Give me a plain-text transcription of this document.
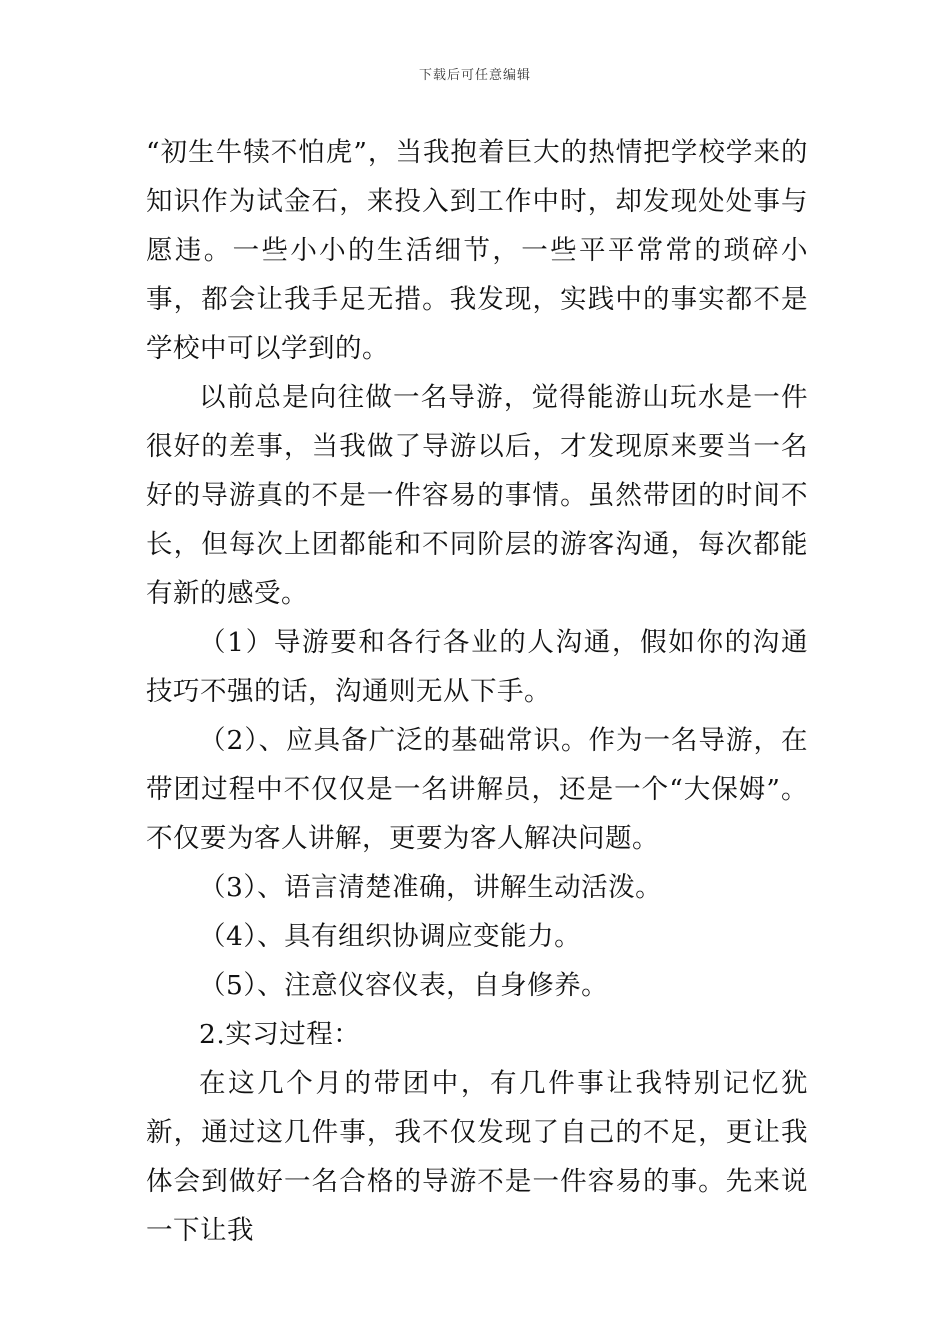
下载后可任意编辑

“初生牛犊不怕虎”，当我抱着巨大的热情把学校学来的知识作为试金石，来投入到工作中时，却发现处处事与愿违。一些小小的生活细节，一些平平常常的琐碎小事，都会让我手足无措。我发现，实践中的事实都不是学校中可以学到的。

以前总是向往做一名导游，觉得能游山玩水是一件很好的差事，当我做了导游以后，才发现原来要当一名好的导游真的不是一件容易的事情。虽然带团的时间不长，但每次上团都能和不同阶层的游客沟通，每次都能有新的感受。

（1）导游要和各行各业的人沟通，假如你的沟通技巧不强的话，沟通则无从下手。

（2）、应具备广泛的基础常识。作为一名导游，在带团过程中不仅仅是一名讲解员，还是一个“大保姆”。不仅要为客人讲解，更要为客人解决问题。

（3）、语言清楚准确，讲解生动活泼。

（4）、具有组织协调应变能力。

（5）、注意仪容仪表，自身修养。

2.实习过程：

在这几个月的带团中，有几件事让我特别记忆犹新，通过这几件事，我不仅发现了自己的不足，更让我体会到做好一名合格的导游不是一件容易的事。先来说一下让我
